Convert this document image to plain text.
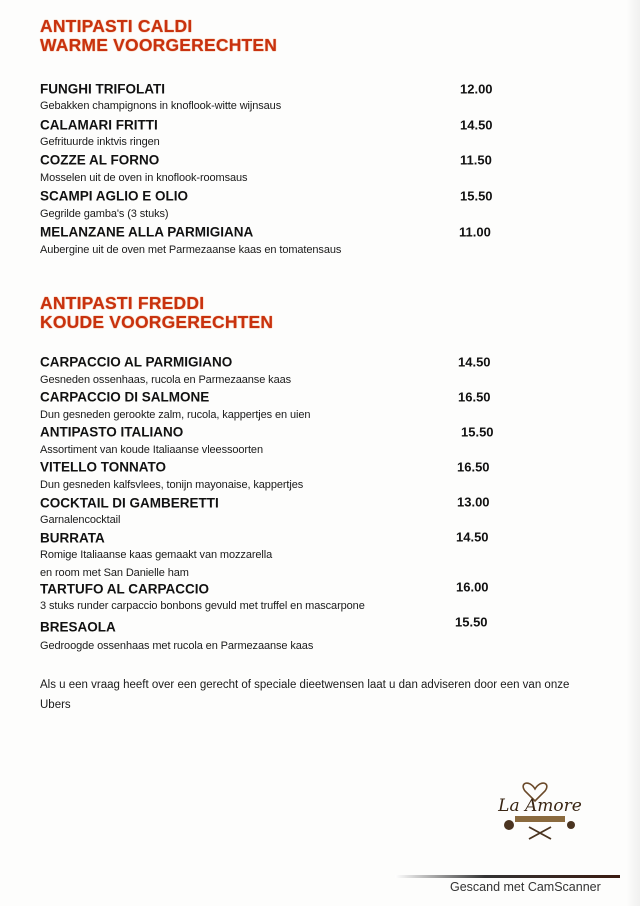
ANTIPASTI CALDI
WARME VOORGERECHTEN
FUNGHI TRIFOLATI
Gebakken champignons in knoflook-witte wijnsaus
12.00
CALAMARI FRITTI
Gefrituurde inktvis ringen
14.50
COZZE AL FORNO
Mosselen uit de oven in knoflook-roomsaus
11.50
SCAMPI AGLIO E OLIO
Gegrilde gamba's (3 stuks)
15.50
MELANZANE ALLA PARMIGIANA
Aubergine uit de oven met Parmezaanse kaas en tomatensaus
11.00
ANTIPASTI FREDDI
KOUDE VOORGERECHTEN
CARPACCIO AL PARMIGIANO
Gesneden ossenhaas, rucola en Parmezaanse kaas
14.50
CARPACCIO DI SALMONE
Dun gesneden gerookte zalm, rucola, kappertjes en uien
16.50
ANTIPASTO ITALIANO
Assortiment van koude Italiaanse vleessoorten
15.50
VITELLO TONNATO
Dun gesneden kalfsvlees, tonijn mayonaise, kappertjes
16.50
COCKTAIL DI GAMBERETTI
Garnalencocktail
13.00
BURRATA
Romige Italiaanse kaas gemaakt van mozzarella
en room met San Danielle ham
14.50
TARTUFO AL CARPACCIO
3 stuks runder carpaccio bonbons gevuld met truffel en mascarpone
16.00
BRESAOLA
Gedroogde ossenhaas met rucola en Parmezaanse kaas
15.50
Als u een vraag heeft over een gerecht of speciale dieetwensen laat u dan adviseren door een van onze Ubers
La Amore
Gescand met CamScanner
